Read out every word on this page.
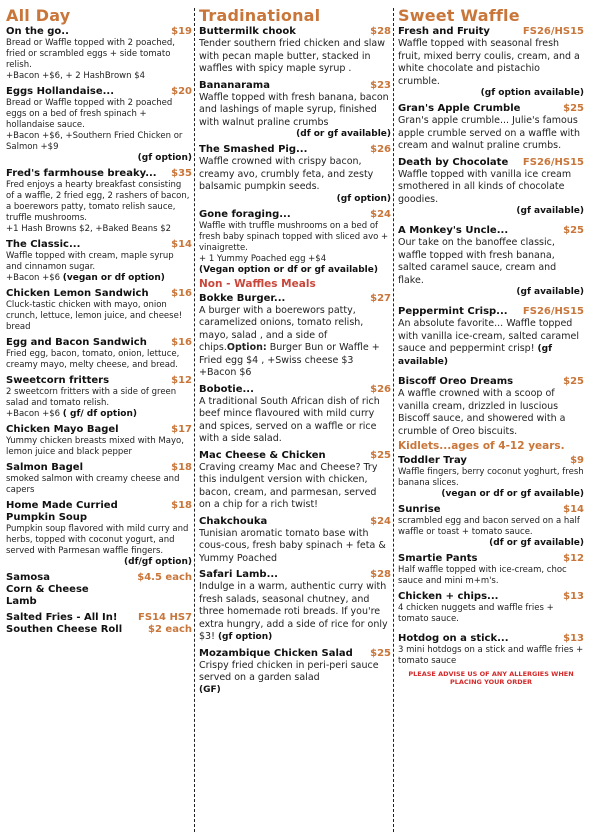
All Day
On the go..	$19
Bread or Waffle topped with 2 poached, fried or scrambled eggs + side tomato relish.
+Bacon +$6, + 2 HashBrown $4
Eggs Hollandaise...	$20
Bread or Waffle topped with 2 poached eggs on a bed of fresh spinach + hollandaise sauce.
+Bacon +$6, +Southern Fried Chicken or Salmon +$9
(gf option)
Fred's farmhouse breaky... $35
Fred enjoys a hearty breakfast consisting of a waffle, 2 fried egg, 2 rashers of bacon, a boerewors patty, tomato relish sauce, truffle mushrooms.
+1 Hash Browns $2, +Baked Beans $2
The Classic...	$14
Waffle topped with cream, maple syrup and cinnamon sugar.
+Bacon +$6 (vegan or df option)
Chicken Lemon Sandwich $16
Cluck-tastic chicken with mayo, onion crunch, lettuce, lemon juice, and cheese! bread
Egg and Bacon Sandwich $16
Fried egg, bacon, tomato, onion, lettuce, creamy mayo, melty cheese, and bread.
Sweetcorn fritters	$12
2 sweetcorn fritters with a side of green salad and tomato relish.
+Bacon +$6 ( gf/ df option)
Chicken Mayo Bagel	$17
Yummy chicken breasts mixed with Mayo, lemon juice and black pepper
Salmon Bagel	$18
smoked salmon with creamy cheese and capers
Home Made Curried Pumpkin Soup
$18
Pumpkin soup flavored with mild curry and herbs, topped with coconut yogurt, and served with Parmesan waffle fingers.
(df/gf option)
Samosa	$4.5 each
Corn & Cheese
Lamb
Salted Fries - All In! FS14 HS7
Southen Cheese Roll	$2 each
Tradinational
Buttermilk chook	$28
Tender southern fried chicken and slaw with pecan maple butter, stacked in waffles with spicy maple syrup .
Bananarama	$23
Waffle topped with fresh banana, bacon and lashings of maple syrup, finished with walnut praline crumbs
(df or gf available)
The Smashed Pig...	$26
Waffle crowned with crispy bacon, creamy avo, crumbly feta, and zesty balsamic pumpkin seeds.
(gf option)
Gone foraging...	$24
Waffle with truffle mushrooms on a bed of fresh baby spinach topped with sliced avo + vinaigrette.
+ 1 Yummy Poached egg +$4
(Vegan option or df or gf available)
Non - Waffles Meals
Bokke Burger...	$27
A burger with a boerewors patty, caramelized onions, tomato relish, mayo, salad , and a side of chips.Option: Burger Bun or Waffle + Fried egg $4 , +Swiss cheese $3 +Bacon $6
Bobotie...	$26
A traditional South African dish of rich beef mince flavoured with mild curry and spices, served on a waffle or rice with a side salad.
Mac Cheese & Chicken	$25
Craving creamy Mac and Cheese? Try this indulgent version with chicken, bacon, cream, and parmesan, served on a chip for a rich twist!
Chakchouka	$24
Tunisian aromatic tomato base with cous-cous, fresh baby spinach + feta & Yummy Poached
Safari Lamb...	$28
Indulge in a warm, authentic curry with fresh salads, seasonal chutney, and three homemade roti breads. If you're extra hungry, add a side of rice for only $3! (gf option)
Mozambique Chicken Salad $25
Crispy fried chicken in peri-peri sauce served on a garden salad
(GF)
Sweet Waffle
Fresh and Fruity	FS26/HS15
Waffle topped with seasonal fresh fruit, mixed berry coulis, cream, and a white chocolate and pistachio crumble.
(gf option available)
Gran's Apple Crumble	$25
Gran's apple crumble... Julie's famous apple crumble served on a waffle with cream and walnut praline crumbs.
Death by Chocolate FS26/HS15
Waffle topped with vanilla ice cream smothered in all kinds of chocolate goodies.
(gf available)
A Monkey's Uncle...	$25
Our take on the banoffee classic, waffle topped with fresh banana, salted caramel sauce, cream and flake.
(gf available)
Peppermint Crisp... FS26/HS15
An absolute favorite... Waffle topped with vanilla ice-cream, salted caramel sauce and peppermint crisp! (gf available)
Biscoff Oreo Dreams	$25
A waffle crowned with a scoop of vanilla cream, drizzled in luscious Biscoff sauce, and showered with a crumble of Oreo biscuits.
Kidlets...ages of 4-12 years.
Toddler Tray	$9
Waffle fingers, berry coconut yoghurt, fresh banana slices.
(vegan or df or gf available)
Sunrise	$14
scrambled egg and bacon served on a half waffle or toast + tomato sauce.
(df or gf available)
Smartie Pants	$12
Half waffle topped with ice-cream, choc sauce and mini m+m's.
Chicken + chips...	$13
4 chicken nuggets and waffle fries + tomato sauce.
Hotdog on a stick...	$13
3 mini hotdogs on a stick and waffle fries + tomato sauce
PLEASE ADVISE US OF ANY ALLERGIES WHEN PLACING YOUR ORDER
